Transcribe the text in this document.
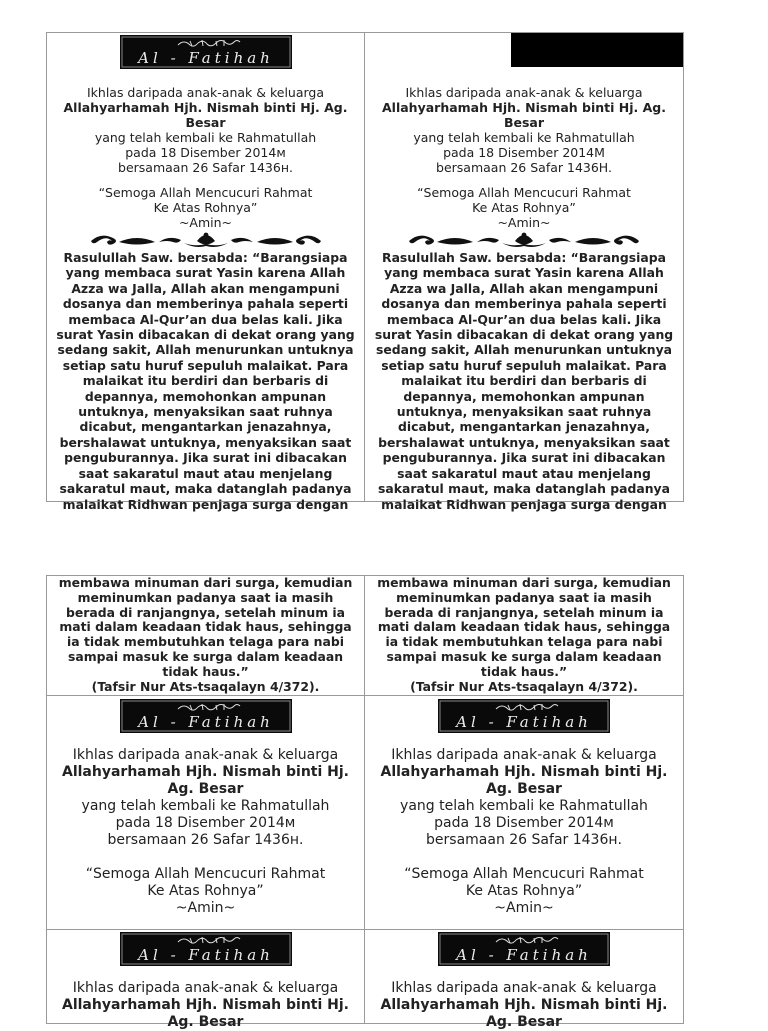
Ikhlas daripada anak-anak & keluarga
Allahyarhamah Hjh. Nismah binti Hj. Ag.
Besar
yang telah kembali ke Rahmatullah
pada 18 Disember 2014м
bersamaan 26 Safar 1436н.
“Semoga Allah Mencucuri Rahmat
Ke Atas Rohnya”
~Amin~
Rasulullah Saw. bersabda: “Barangsiapa
yang membaca surat Yasin karena Allah
Azza wa Jalla, Allah akan mengampuni
dosanya dan memberinya pahala seperti
membaca Al-Qur’an dua belas kali. Jika
surat Yasin dibacakan di dekat orang yang
sedang sakit, Allah menurunkan untuknya
setiap satu huruf sepuluh malaikat. Para
malaikat itu berdiri dan berbaris di
depannya, memohonkan ampunan
untuknya, menyaksikan saat ruhnya
dicabut, mengantarkan jenazahnya,
bershalawat untuknya, menyaksikan saat
penguburannya. Jika surat ini dibacakan
saat sakaratul maut atau menjelang
sakaratul maut, maka datanglah padanya
malaikat Ridhwan penjaga surga dengan
Ikhlas daripada anak-anak & keluarga
Allahyarhamah Hjh. Nismah binti Hj. Ag.
Besar
yang telah kembali ke Rahmatullah
pada 18 Disember 2014M
bersamaan 26 Safar 1436H.
“Semoga Allah Mencucuri Rahmat
Ke Atas Rohnya”
~Amin~
Rasulullah Saw. bersabda: “Barangsiapa
yang membaca surat Yasin karena Allah
Azza wa Jalla, Allah akan mengampuni
dosanya dan memberinya pahala seperti
membaca Al-Qur’an dua belas kali. Jika
surat Yasin dibacakan di dekat orang yang
sedang sakit, Allah menurunkan untuknya
setiap satu huruf sepuluh malaikat. Para
malaikat itu berdiri dan berbaris di
depannya, memohonkan ampunan
untuknya, menyaksikan saat ruhnya
dicabut, mengantarkan jenazahnya,
bershalawat untuknya, menyaksikan saat
penguburannya. Jika surat ini dibacakan
saat sakaratul maut atau menjelang
sakaratul maut, maka datanglah padanya
malaikat Ridhwan penjaga surga dengan
membawa minuman dari surga, kemudian
meminumkan padanya saat ia masih
berada di ranjangnya, setelah minum ia
mati dalam keadaan tidak haus, sehingga
ia tidak membutuhkan telaga para nabi
sampai masuk ke surga dalam keadaan
tidak haus.”
(Tafsir Nur Ats-tsaqalayn 4/372).
membawa minuman dari surga, kemudian
meminumkan padanya saat ia masih
berada di ranjangnya, setelah minum ia
mati dalam keadaan tidak haus, sehingga
ia tidak membutuhkan telaga para nabi
sampai masuk ke surga dalam keadaan
tidak haus.”
(Tafsir Nur Ats-tsaqalayn 4/372).
Ikhlas daripada anak-anak & keluarga
Allahyarhamah Hjh. Nismah binti Hj.
Ag. Besar
yang telah kembali ke Rahmatullah
pada 18 Disember 2014м
bersamaan 26 Safar 1436н.
“Semoga Allah Mencucuri Rahmat
Ke Atas Rohnya”
~Amin~
Ikhlas daripada anak-anak & keluarga
Allahyarhamah Hjh. Nismah binti Hj.
Ag. Besar
yang telah kembali ke Rahmatullah
pada 18 Disember 2014м
bersamaan 26 Safar 1436н.
“Semoga Allah Mencucuri Rahmat
Ke Atas Rohnya”
~Amin~
Ikhlas daripada anak-anak & keluarga
Allahyarhamah Hjh. Nismah binti Hj.
Ag. Besar
Ikhlas daripada anak-anak & keluarga
Allahyarhamah Hjh. Nismah binti Hj.
Ag. Besar
